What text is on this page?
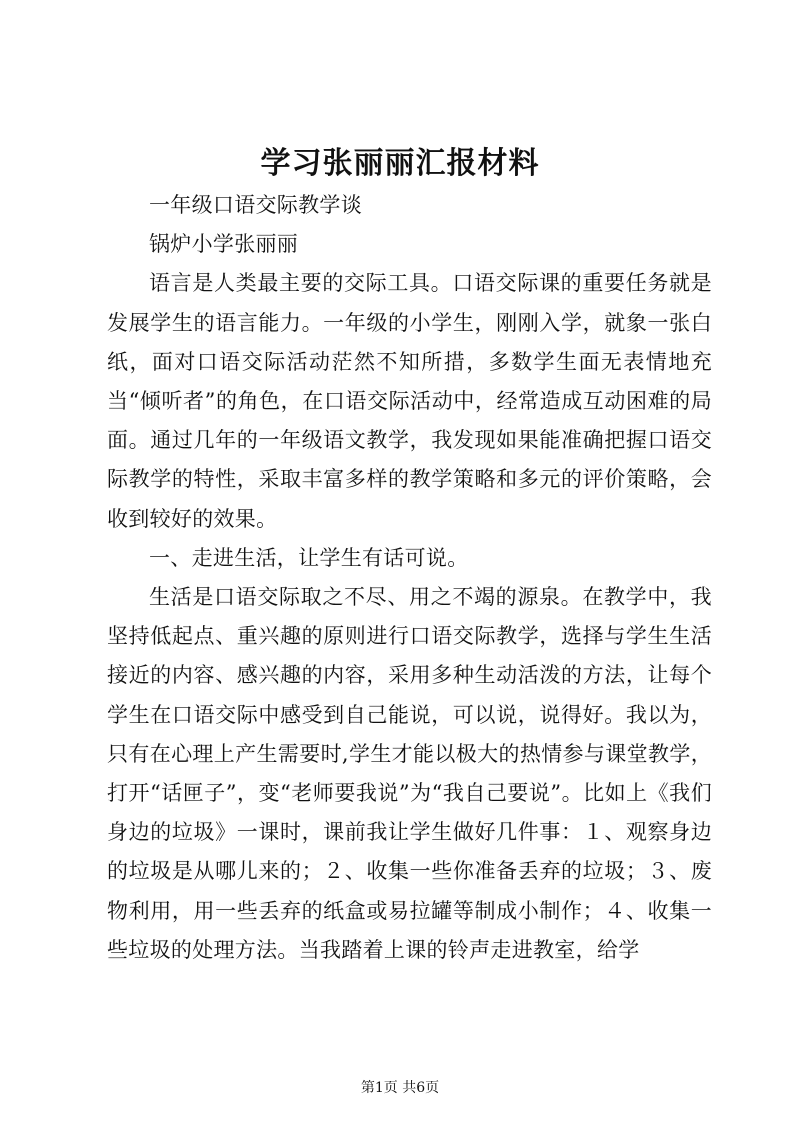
学习张丽丽汇报材料

一年级口语交际教学谈

锅炉小学张丽丽

语言是人类最主要的交际工具。口语交际课的重要任务就是发展学生的语言能力。一年级的小学生，刚刚入学，就象一张白纸，面对口语交际活动茫然不知所措，多数学生面无表情地充当“倾听者”的角色，在口语交际活动中，经常造成互动困难的局面。通过几年的一年级语文教学，我发现如果能准确把握口语交际教学的特性，采取丰富多样的教学策略和多元的评价策略，会收到较好的效果。

一、走进生活，让学生有话可说。

生活是口语交际取之不尽、用之不竭的源泉。在教学中，我坚持低起点、重兴趣的原则进行口语交际教学，选择与学生生活接近的内容、感兴趣的内容，采用多种生动活泼的方法，让每个学生在口语交际中感受到自己能说，可以说，说得好。我以为，只有在心理上产生需要时,学生才能以极大的热情参与课堂教学，打开“话匣子”，变“老师要我说”为“我自己要说”。比如上《我们身边的垃圾》一课时，课前我让学生做好几件事：１、观察身边的垃圾是从哪儿来的；２、收集一些你准备丢弃的垃圾；３、废物利用，用一些丢弃的纸盒或易拉罐等制成小制作；４、收集一些垃圾的处理方法。当我踏着上课的铃声走进教室，给学

第1页 共6页
